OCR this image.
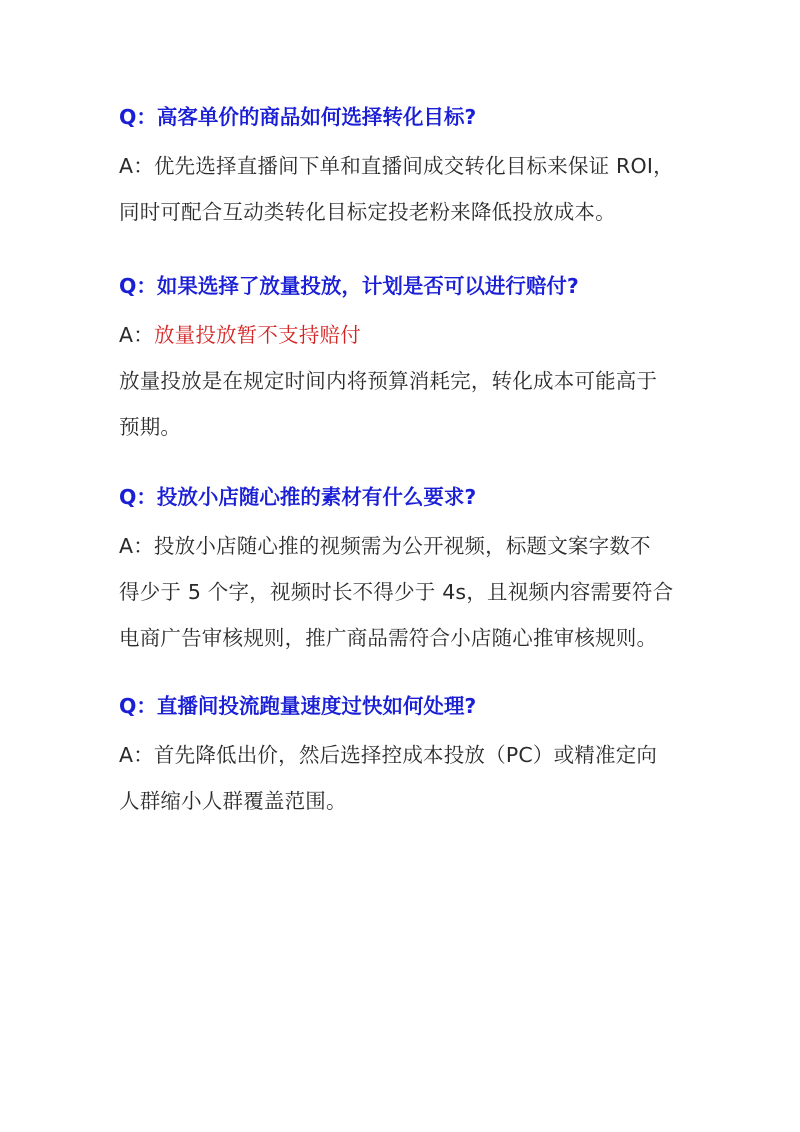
Q：高客单价的商品如何选择转化目标?

A：优先选择直播间下单和直播间成交转化目标来保证 ROI，
同时可配合互动类转化目标定投老粉来降低投放成本。

Q：如果选择了放量投放，计划是否可以进行赔付?

A：放量投放暂不支持赔付
放量投放是在规定时间内将预算消耗完，转化成本可能高于
预期。

Q：投放小店随心推的素材有什么要求?

A：投放小店随心推的视频需为公开视频，标题文案字数不
得少于 5 个字，视频时长不得少于 4s，且视频内容需要符合
电商广告审核规则，推广商品需符合小店随心推审核规则。

Q：直播间投流跑量速度过快如何处理?

A：首先降低出价，然后选择控成本投放（PC）或精准定向
人群缩小人群覆盖范围。
